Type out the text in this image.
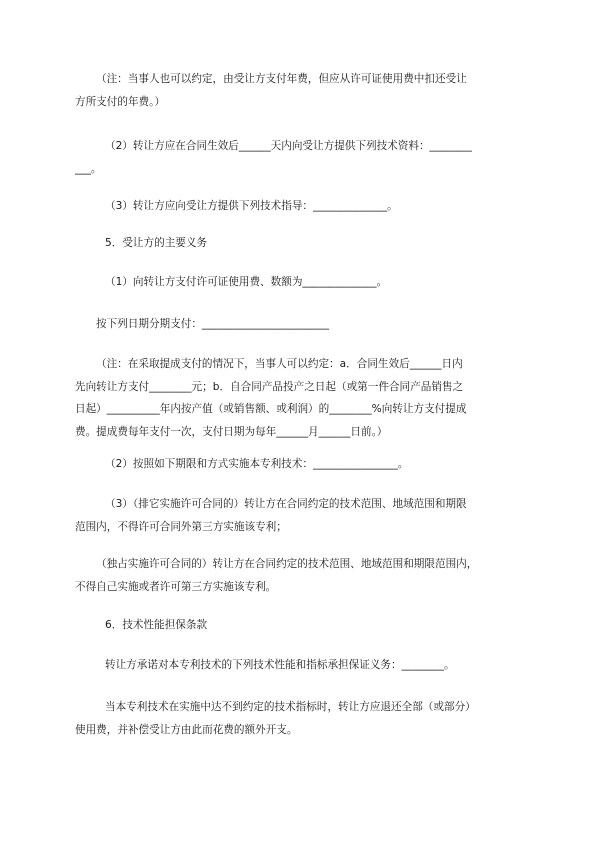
（注：当事人也可以约定，由受让方支付年费，但应从许可证使用费中扣还受让
方所支付的年费。）

（2）转让方应在合同生效后______天内向受让方提供下列技术资料：________
___。

（3）转让方应向受让方提供下列技术指导：______________。

5．受让方的主要义务

（1）向转让方支付许可证使用费、数额为______________。

按下列日期分期支付：________________________

（注：在采取提成支付的情况下，当事人可以约定：a．合同生效后______日内
先向转让方支付________元；b．自合同产品投产之日起（或第一件合同产品销售之
日起）__________年内按产值（或销售额、或利润）的________%向转让方支付提成
费。提成费每年支付一次，支付日期为每年______月______日前。）

（2）按照如下期限和方式实施本专利技术：________________。

（3）（排它实施许可合同的）转让方在合同约定的技术范围、地域范围和期限
范围内，不得许可合同外第三方实施该专利；

（独占实施许可合同的）转让方在合同约定的技术范围、地域范围和期限范围内，
不得自己实施或者许可第三方实施该专利。

6．技术性能担保条款

转让方承诺对本专利技术的下列技术性能和指标承担保证义务：________。

当本专利技术在实施中达不到约定的技术指标时，转让方应退还全部（或部分）
使用费，并补偿受让方由此而花费的额外开支。
